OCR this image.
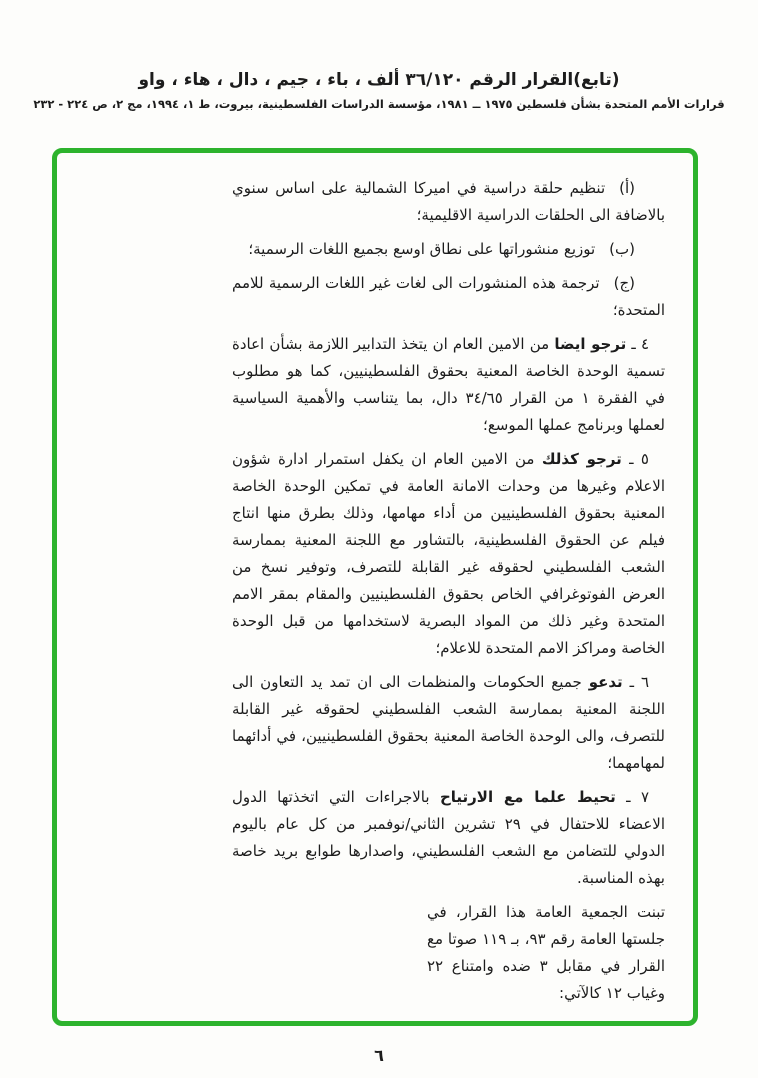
(تابع)القرار الرقم ٣٦/١٢٠ ألف ، باء ، جيم ، دال ، هاء ، واو
قرارات الأمم المتحدة بشأن فلسطين ١٩٧٥ ــ ١٩٨١، مؤسسة الدراسات الفلسطينية، بيروت، ط ١، ١٩٩٤، مج ٢، ص ٢٢٤ - ٢٣٢

(أ)تنظيم حلقة دراسية في اميركا الشمالية على اساس سنوي بالاضافة الى الحلقات الدراسية الاقليمية؛

(ب)توزيع منشوراتها على نطاق اوسع بجميع اللغات الرسمية؛

(ج)ترجمة هذه المنشورات الى لغات غير اللغات الرسمية للامم المتحدة؛

٤ ـ ترجو ايضا من الامين العام ان يتخذ التدابير اللازمة بشأن اعادة تسمية الوحدة الخاصة المعنية بحقوق الفلسطينيين، كما هو مطلوب في الفقرة ١ من القرار ٣٤/٦٥ دال، بما يتناسب والأهمية السياسية لعملها وبرنامج عملها الموسع؛

٥ ـ ترجو كذلك من الامين العام ان يكفل استمرار ادارة شؤون الاعلام وغيرها من وحدات الامانة العامة في تمكين الوحدة الخاصة المعنية بحقوق الفلسطينيين من أداء مهامها، وذلك بطرق منها انتاج فيلم عن الحقوق الفلسطينية، بالتشاور مع اللجنة المعنية بممارسة الشعب الفلسطيني لحقوقه غير القابلة للتصرف، وتوفير نسخ من العرض الفوتوغرافي الخاص بحقوق الفلسطينيين والمقام بمقر الامم المتحدة وغير ذلك من المواد البصرية لاستخدامها من قبل الوحدة الخاصة ومراكز الامم المتحدة للاعلام؛

٦ ـ تدعو جميع الحكومات والمنظمات الى ان تمد يد التعاون الى اللجنة المعنية بممارسة الشعب الفلسطيني لحقوقه غير القابلة للتصرف، والى الوحدة الخاصة المعنية بحقوق الفلسطينيين، في أدائهما لمهامهما؛

٧ ـ تحيط علما مع الارتياح بالاجراءات التي اتخذتها الدول الاعضاء للاحتفال في ٢٩ تشرين الثاني/نوفمبر من كل عام باليوم الدولي للتضامن مع الشعب الفلسطيني، واصدارها طوابع بريد خاصة بهذه المناسبة.

تبنت الجمعية العامة هذا القرار، في جلستها العامة رقم ٩٣، بـ ١١٩ صوتا مع القرار في مقابل ٣ ضده وامتناع ٢٢ وغياب ١٢ كالآتي:

٦
